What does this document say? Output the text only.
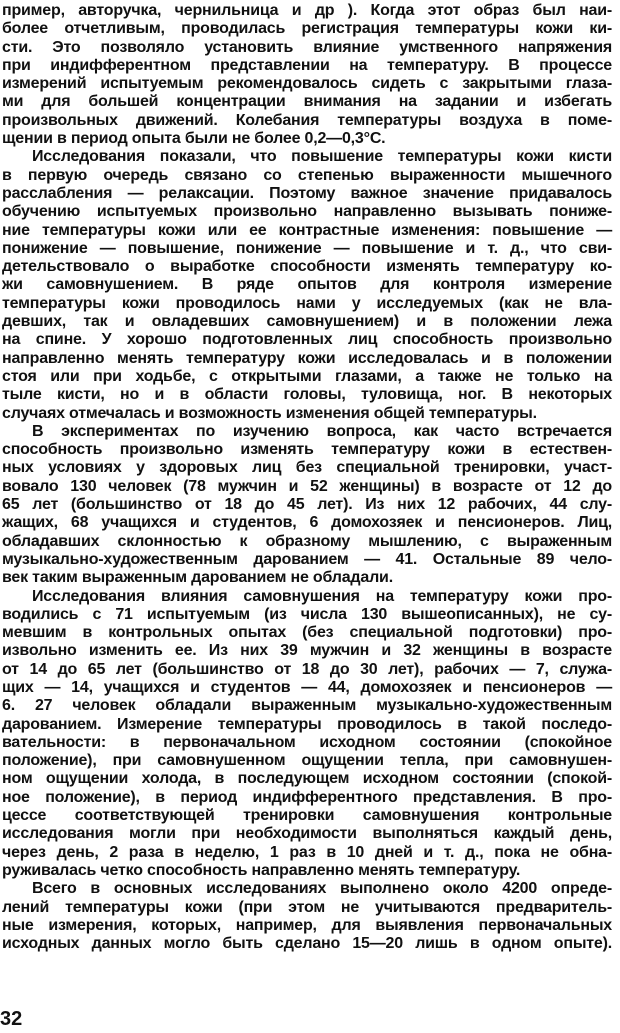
пример, авторучка, чернильница и др ). Когда этот образ был наи-
более отчетливым, проводилась регистрация температуры кожи ки-
сти. Это позволяло установить влияние умственного напряжения
при индифферентном представлении на температуру. В процессе
измерений испытуемым рекомендовалось сидеть с закрытыми глаза-
ми для большей концентрации внимания на задании и избегать
произвольных движений. Колебания температуры воздуха в поме-
щении в период опыта были не более 0,2—0,3°С.
Исследования показали, что повышение температуры кожи кисти
в первую очередь связано со степенью выраженности мышечного
расслабления — релаксации. Поэтому важное значение придавалось
обучению испытуемых произвольно направленно вызывать пониже-
ние температуры кожи или ее контрастные изменения: повышение —
понижение — повышение, понижение — повышение и т. д., что сви-
детельствовало о выработке способности изменять температуру ко-
жи самовнушением. В ряде опытов для контроля измерение
температуры кожи проводилось нами у исследуемых (как не вла-
девших, так и овладевших самовнушением) и в положении лежа
на спине. У хорошо подготовленных лиц способность произвольно
направленно менять температуру кожи исследовалась и в положении
стоя или при ходьбе, с открытыми глазами, а также не только на
тыле кисти, но и в области головы, туловища, ног. В некоторых
случаях отмечалась и возможность изменения общей температуры.
В экспериментах по изучению вопроса, как часто встречается
способность произвольно изменять температуру кожи в естествен-
ных условиях у здоровых лиц без специальной тренировки, участ-
вовало 130 человек (78 мужчин и 52 женщины) в возрасте от 12 до
65 лет (большинство от 18 до 45 лет). Из них 12 рабочих, 44 слу-
жащих, 68 учащихся и студентов, 6 домохозяек и пенсионеров. Лиц,
обладавших склонностью к образному мышлению, с выраженным
музыкально-художественным дарованием — 41. Остальные 89 чело-
век таким выраженным дарованием не обладали.
Исследования влияния самовнушения на температуру кожи про-
водились с 71 испытуемым (из числа 130 вышеописанных), не су-
мевшим в контрольных опытах (без специальной подготовки) про-
извольно изменить ее. Из них 39 мужчин и 32 женщины в возрасте
от 14 до 65 лет (большинство от 18 до 30 лет), рабочих — 7, служа-
щих — 14, учащихся и студентов — 44, домохозяек и пенсионеров —
6. 27 человек обладали выраженным музыкально-художественным
дарованием. Измерение температуры проводилось в такой последо-
вательности: в первоначальном исходном состоянии (спокойное
положение), при самовнушенном ощущении тепла, при самовнушен-
ном ощущении холода, в последующем исходном состоянии (спокой-
ное положение), в период индифферентного представления. В про-
цессе соответствующей тренировки самовнушения контрольные
исследования могли при необходимости выполняться каждый день,
через день, 2 раза в неделю, 1 раз в 10 дней и т. д., пока не обна-
руживалась четко способность направленно менять температуру.
Всего в основных исследованиях выполнено около 4200 опреде-
лений температуры кожи (при этом не учитываются предваритель-
ные измерения, которых, например, для выявления первоначальных
исходных данных могло быть сделано 15—20 лишь в одном опыте).
32
